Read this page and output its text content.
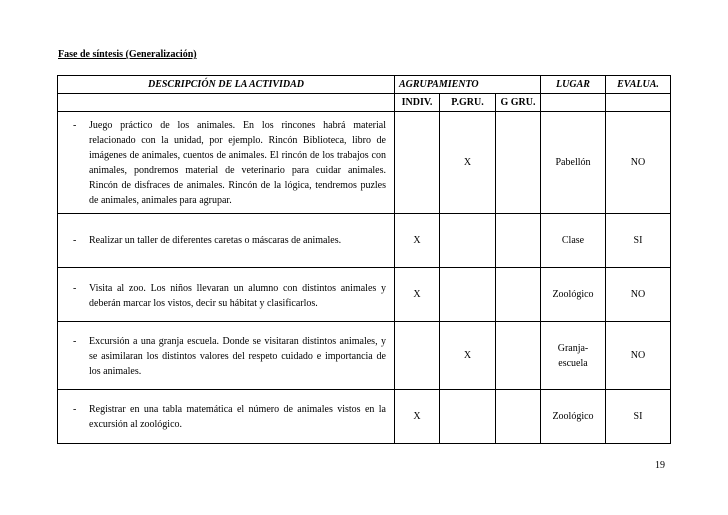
Fase de síntesis (Generalización)
DESCRIPCIÓN DE LA ACTIVIDAD	AGRUPAMIENTO			LUGAR	EVALUA.
	INDIV.	P.GRU.	G GRU.		

- Juego práctico de los animales. En los rincones habrá material relacionado con la unidad, por ejemplo. Rincón Biblioteca, libro de imágenes de animales, cuentos de animales. El rincón de los trabajos con animales, pondremos material de veterinario para cuidar animales. Rincón de disfraces de animales. Rincón de la lógica, tendremos puzles de animales, animales para agrupar.		X		Pabellón	NO

- Realizar un taller de diferentes caretas o máscaras de animales.	X			Clase	SI

- Visita al zoo. Los niños llevaran un alumno con distintos animales y deberán marcar los vistos, decir su hábitat y clasificarlos.	X			Zoológico	NO

- Excursión a una granja escuela. Donde se visitaran distintos animales, y se asimilaran los distintos valores del respeto cuidado e importancia de los animales.		X		Granja-escuela	NO

- Registrar en una tabla matemática el número de animales vistos en la excursión al zoológico.	X			Zoológico	SI
19
